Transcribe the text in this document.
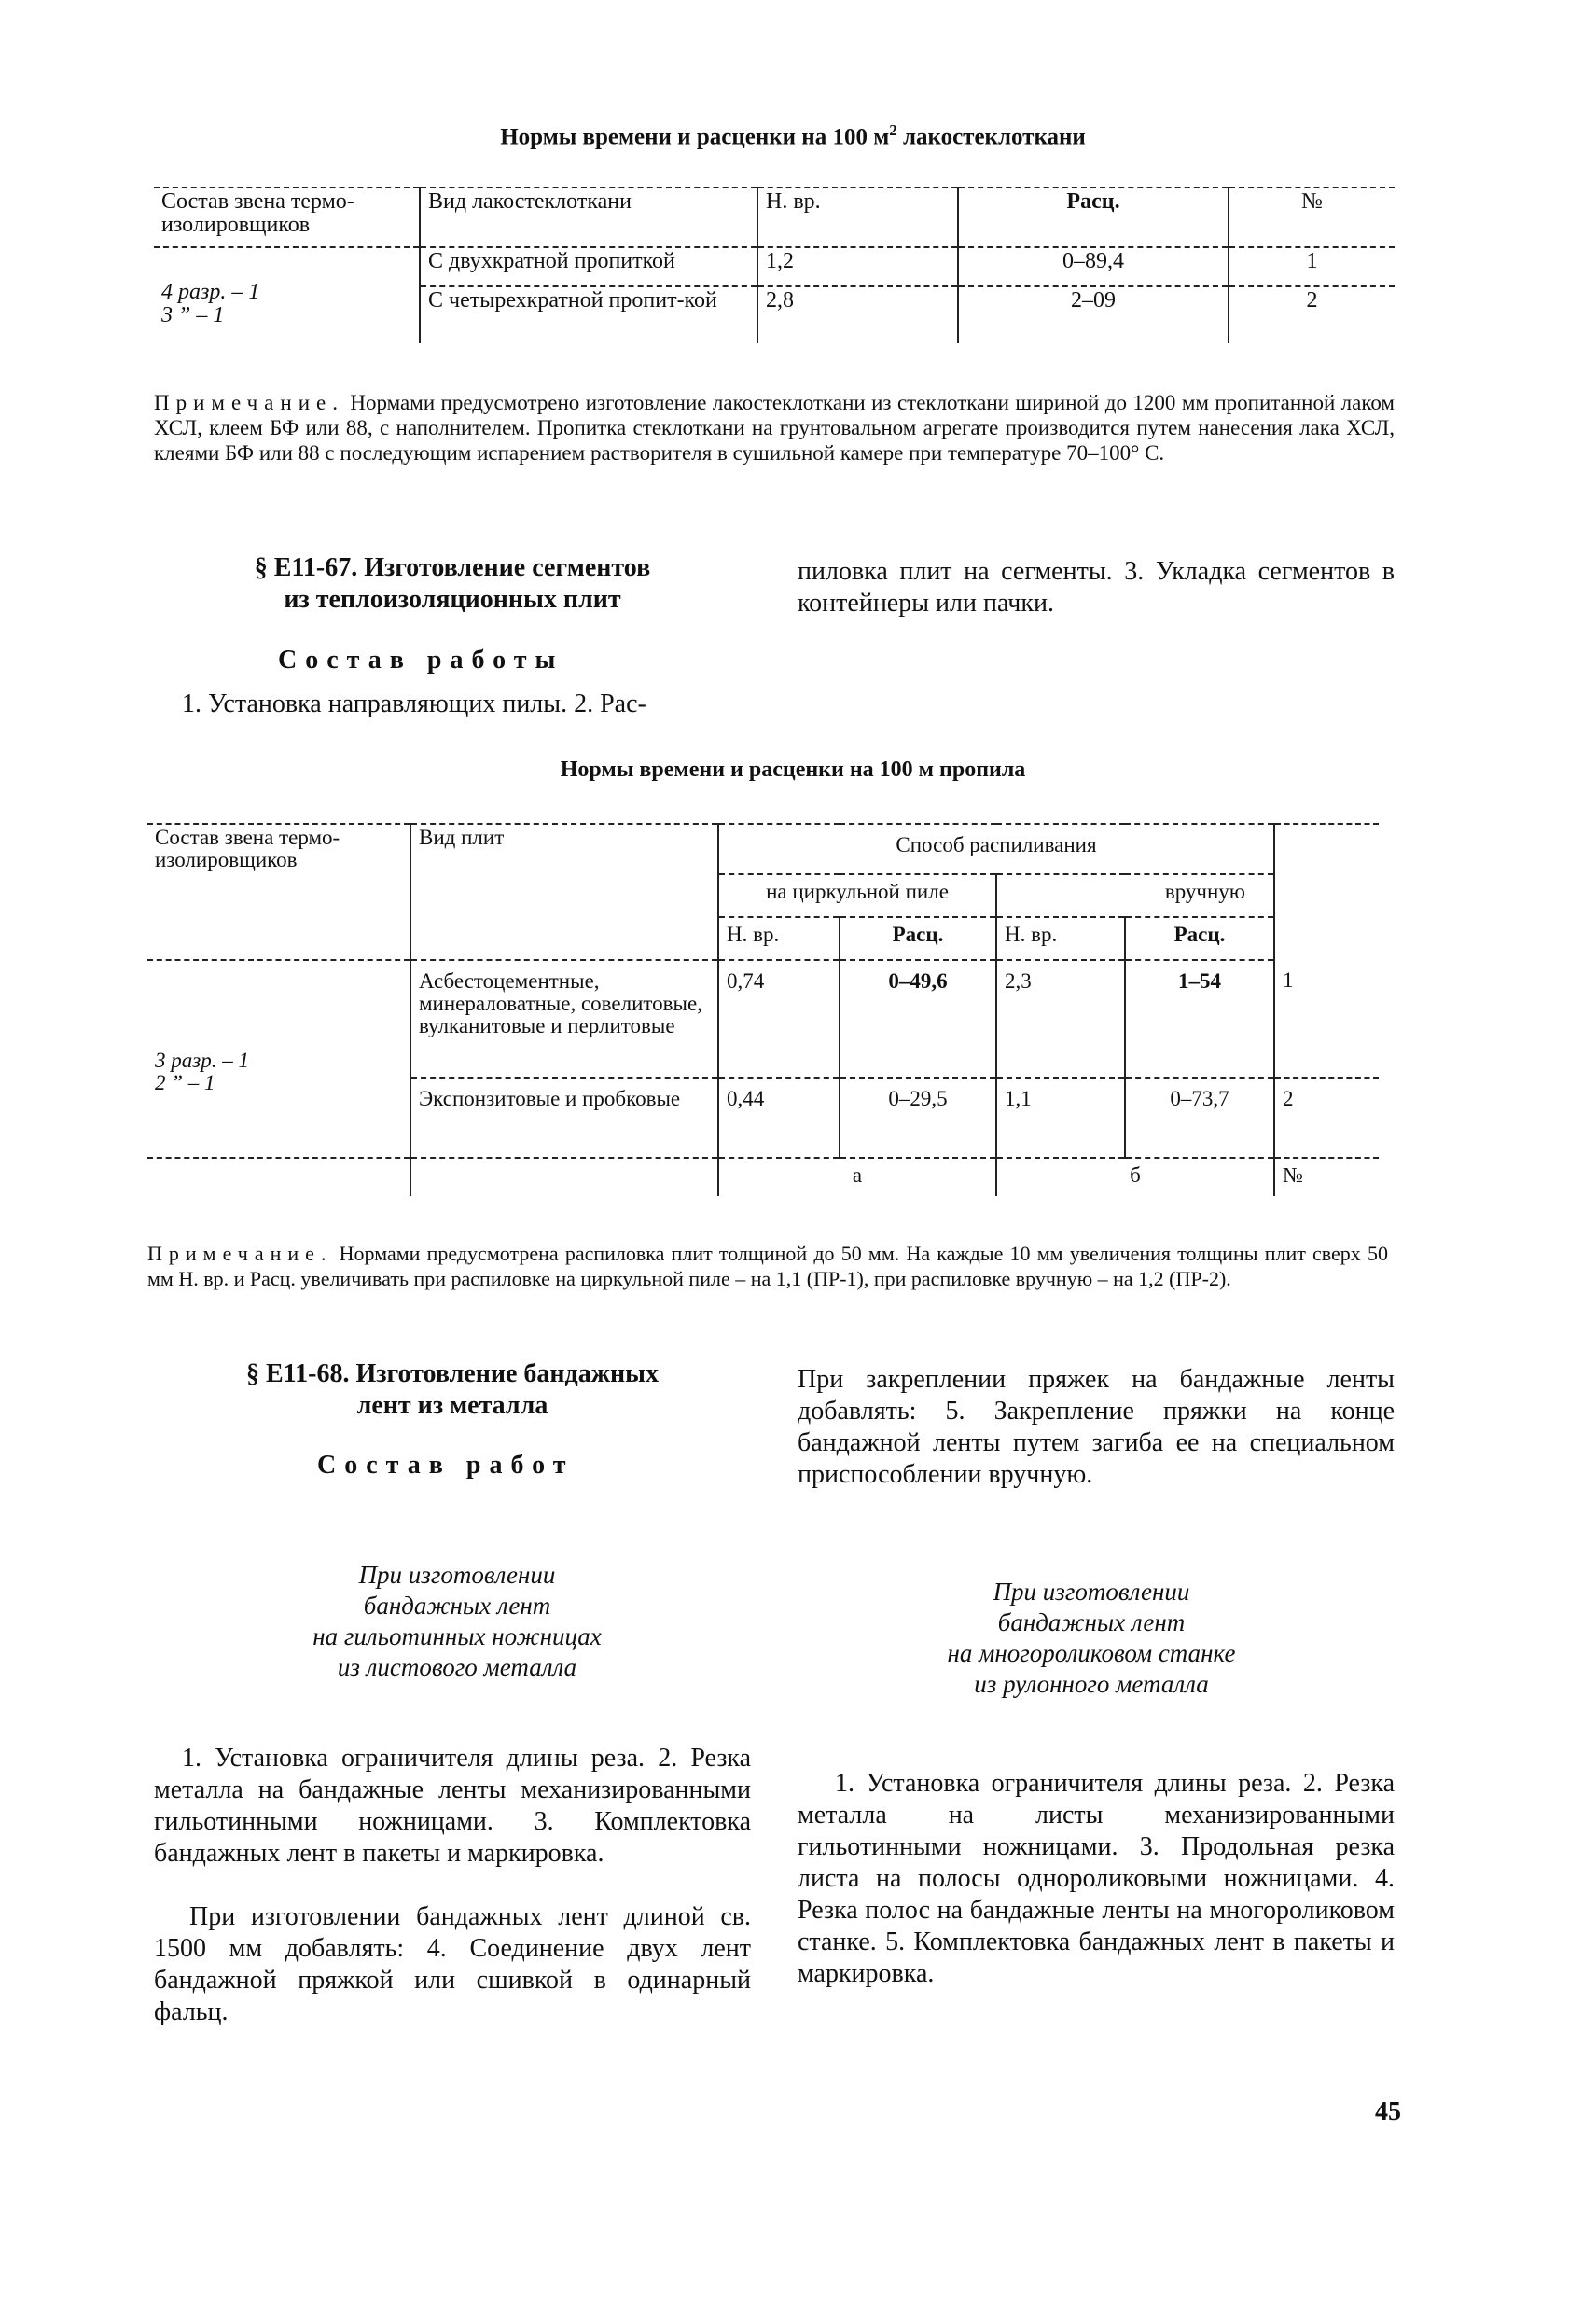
Нормы времени и расценки на 100 $м^2$ лакостеклоткани
Состав звена термо-изолировщиков	Вид лакостеклоткани	Н. вр.	Расц.	№

4 разр. – 1
3 ” – 1	С двухкратной пропиткой	1,2	0–89,4	1
	С четырехкратной пропит-кой	2,8	2–09	2
Примечание. Нормами предусмотрено изготовление лакостеклоткани из стеклоткани шириной до 1200 мм пропитанной лаком ХСЛ, клеем БФ или 88, с наполнителем. Пропитка стеклоткани на грунтовальном агрегате производится путем нанесения лака ХСЛ, клеями БФ или 88 с последующим испарением растворителя в сушильной камере при температуре 70–100° С.
§ Е11-67. Изготовление сегментов
из теплоизоляционных плит
Состав работы
1. Установка направляющих пилы. 2. Рас-
пиловка плит на сегменты. 3. Укладка сегментов в контейнеры или пачки.
Нормы времени и расценки на 100 м пропила
Состав звена термо-изолировщиков	Вид плит	Способ распиливания				
		на циркульной пиле		вручную		
		Н. вр.	Расц.	Н. вр.	Расц.	

3 разр. – 1
2 ” – 1	Асбестоцементные, минераловатные, совелитовые, вулканитовые и перлитовые	0,74	0–49,6	2,3	1–54	1
	Экспонзитовые и пробковые	0,44	0–29,5	1,1	0–73,7	2
		а		б		№
Примечание. Нормами предусмотрена распиловка плит толщиной до 50 мм. На каждые 10 мм увеличения толщины плит сверх 50 мм Н. вр. и Расц. увеличивать при распиловке на циркульной пиле – на 1,1 (ПР-1), при распиловке вручную – на 1,2 (ПР-2).
§ Е11-68. Изготовление бандажных
лент из металла
Состав работ
При закреплении пряжек на бандажные ленты добавлять: 5. Закрепление пряжки на конце бандажной ленты путем загиба ее на специальном приспособлении вручную.
При изготовлении
бандажных лент
на гильотинных ножницах
из листового металла
При изготовлении
бандажных лент
на многороликовом станке
из рулонного металла
1. Установка ограничителя длины реза. 2. Резка металла на бандажные ленты механизированными гильотинными ножницами. 3. Комплектовка бандажных лент в пакеты и маркировка.
При изготовлении бандажных лент длиной св. 1500 мм добавлять: 4. Соединение двух лент бандажной пряжкой или сшивкой в одинарный фальц.
1. Установка ограничителя длины реза. 2. Резка металла на листы механизированными гильотинными ножницами. 3. Продольная резка листа на полосы однороликовыми ножницами. 4. Резка полос на бандажные ленты на многороликовом станке. 5. Комплектовка бандажных лент в пакеты и маркировка.
45
